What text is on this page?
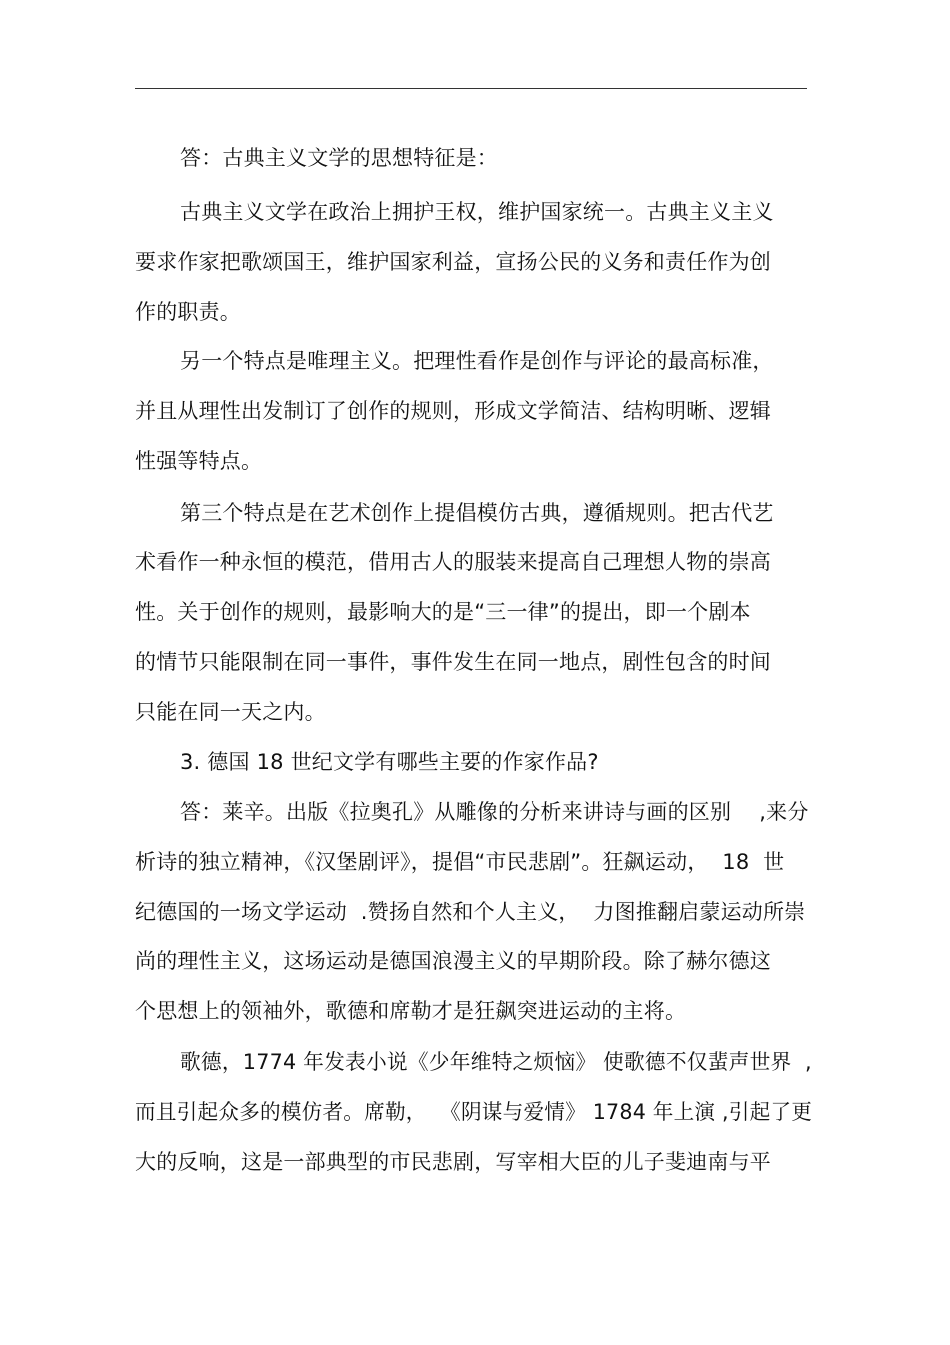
答：古典主义文学的思想特征是：
古典主义文学在政治上拥护王权，维护国家统一。古典主义主义
要求作家把歌颂国王，维护国家利益，宣扬公民的义务和责任作为创
作的职责。
另一个特点是唯理主义。把理性看作是创作与评论的最高标准，
并且从理性出发制订了创作的规则，形成文学简洁、结构明晰、逻辑
性强等特点。
第三个特点是在艺术创作上提倡模仿古典，遵循规则。把古代艺
术看作一种永恒的模范，借用古人的服装来提高自己理想人物的崇高
性。关于创作的规则，最影响大的是“三一律”的提出，即一个剧本
的情节只能限制在同一事件，事件发生在同一地点，剧性包含的时间
只能在同一天之内。
3. 德国 18 世纪文学有哪些主要的作家作品?
答：莱辛。出版《拉奥孔》从雕像的分析来讲诗与画的区别　 ,来分
析诗的独立精神，《汉堡剧评》，提倡“市民悲剧”。狂飙运动，  18  世
纪德国的一场文学运动  .赞扬自然和个人主义，  力图推翻启蒙运动所崇
尚的理性主义，这场运动是德国浪漫主义的早期阶段。除了赫尔德这
个思想上的领袖外，歌德和席勒才是狂飙突进运动的主将。
歌德，1774 年发表小说《少年维特之烦恼》 使歌德不仅蜚声世界  ,
而且引起众多的模仿者。席勒，  《阴谋与爱情》 1784 年上演 ,引起了更
大的反响，这是一部典型的市民悲剧，写宰相大臣的儿子斐迪南与平
